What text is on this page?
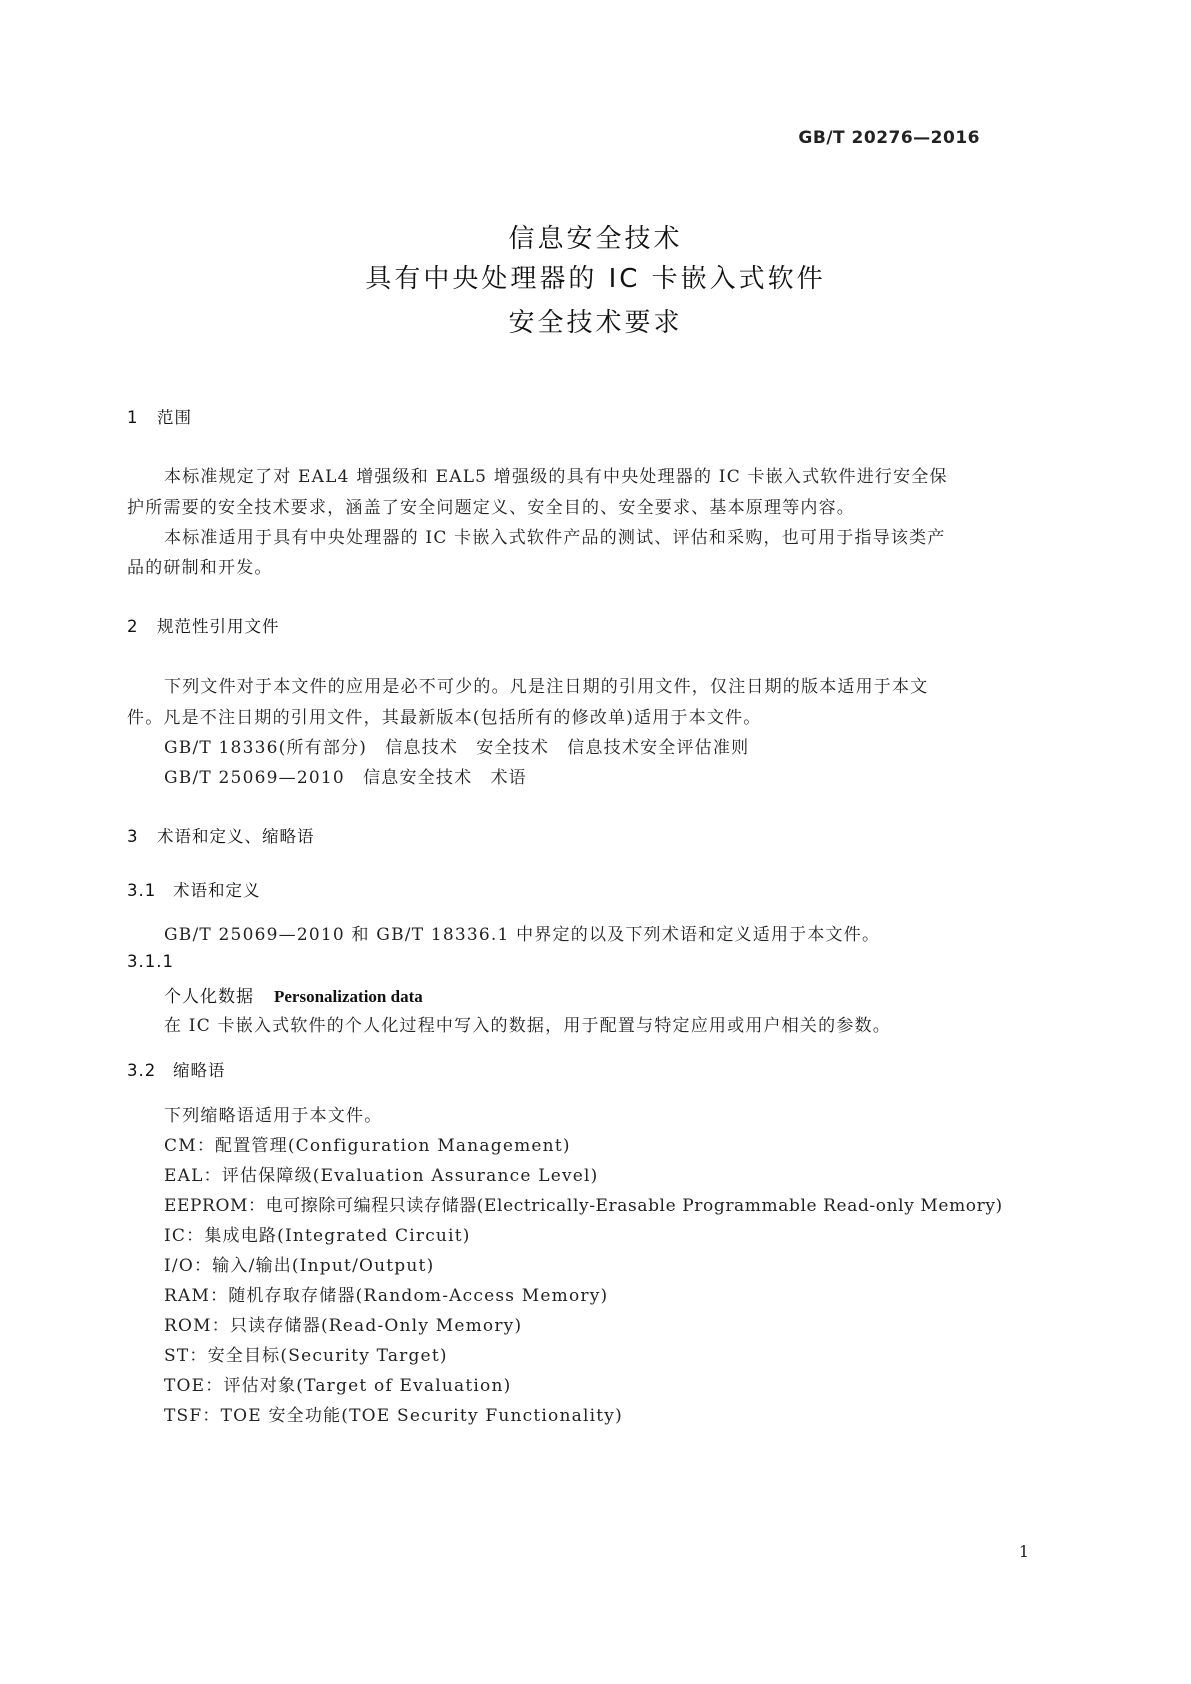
GB/T 20276—2016
信息安全技术
具有中央处理器的 IC 卡嵌入式软件
安全技术要求
1 范围
本标准规定了对 EAL4 增强级和 EAL5 增强级的具有中央处理器的 IC 卡嵌入式软件进行安全保
护所需要的安全技术要求，涵盖了安全问题定义、安全目的、安全要求、基本原理等内容。
本标准适用于具有中央处理器的 IC 卡嵌入式软件产品的测试、评估和采购，也可用于指导该类产
品的研制和开发。
2 规范性引用文件
下列文件对于本文件的应用是必不可少的。凡是注日期的引用文件，仅注日期的版本适用于本文
件。凡是不注日期的引用文件，其最新版本(包括所有的修改单)适用于本文件。
GB/T 18336(所有部分)　信息技术　安全技术　信息技术安全评估准则
GB/T 25069—2010　信息安全技术　术语
3 术语和定义、缩略语
3.1 术语和定义
GB/T 25069—2010 和 GB/T 18336.1 中界定的以及下列术语和定义适用于本文件。
3.1.1
个人化数据 Personalization data
在 IC 卡嵌入式软件的个人化过程中写入的数据，用于配置与特定应用或用户相关的参数。
3.2 缩略语
下列缩略语适用于本文件。
CM：配置管理(Configuration Management)
EAL：评估保障级(Evaluation Assurance Level)
EEPROM：电可擦除可编程只读存储器(Electrically-Erasable Programmable Read-only Memory)
IC：集成电路(Integrated Circuit)
I/O：输入/输出(Input/Output)
RAM：随机存取存储器(Random-Access Memory)
ROM：只读存储器(Read-Only Memory)
ST：安全目标(Security Target)
TOE：评估对象(Target of Evaluation)
TSF：TOE 安全功能(TOE Security Functionality)
1
